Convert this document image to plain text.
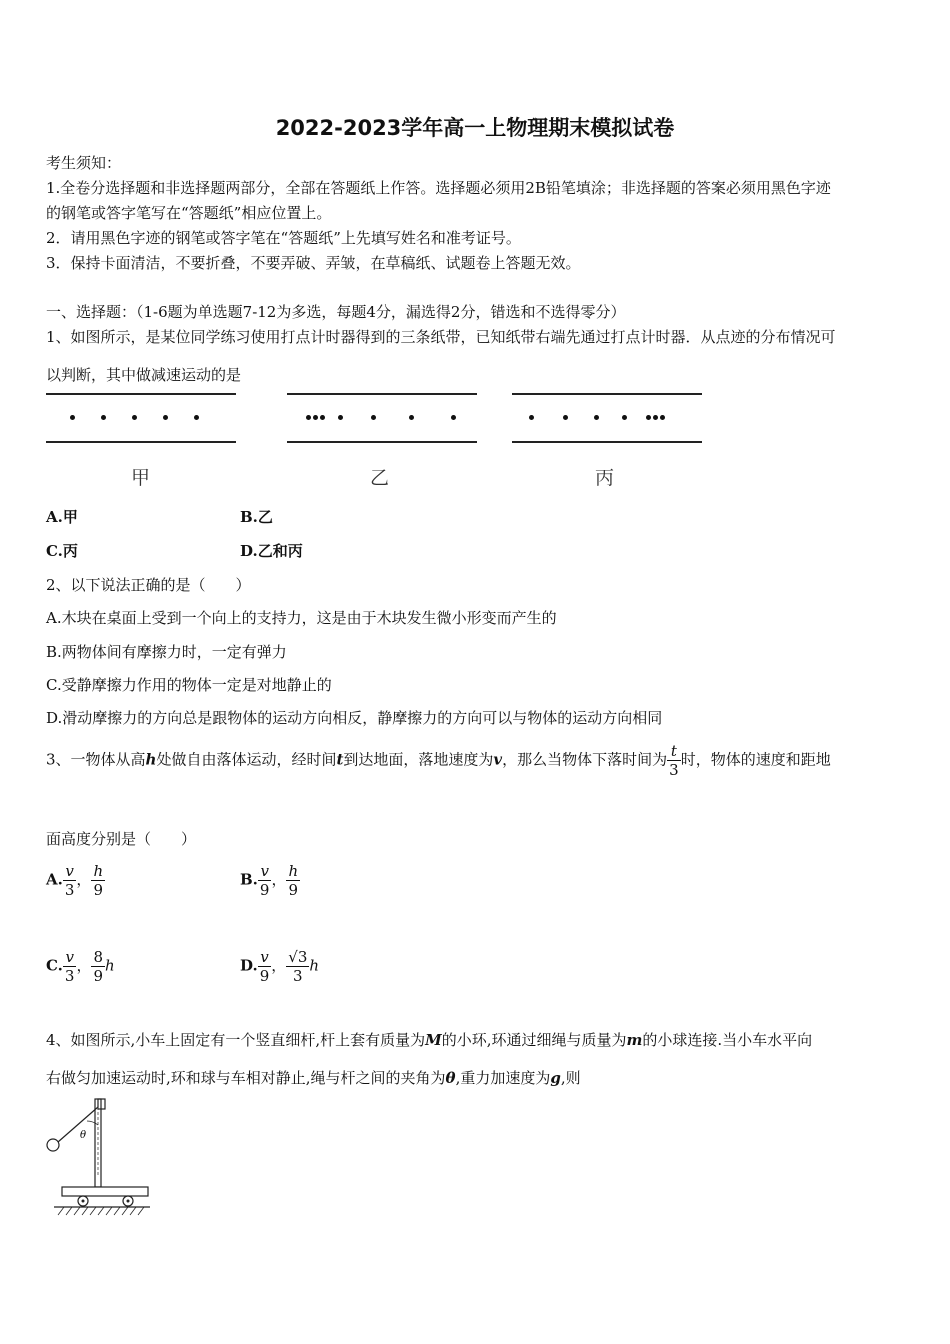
2022-2023学年高一上物理期末模拟试卷
考生须知：
1.全卷分选择题和非选择题两部分，全部在答题纸上作答。选择题必须用2B铅笔填涂；非选择题的答案必须用黑色字迹
的钢笔或答字笔写在“答题纸”相应位置上。
2．请用黑色字迹的钢笔或答字笔在“答题纸”上先填写姓名和准考证号。
3．保持卡面清洁，不要折叠，不要弄破、弄皱，在草稿纸、试题卷上答题无效。
一、选择题：（1-6题为单选题7-12为多选，每题4分，漏选得2分，错选和不选得零分）
1、如图所示，是某位同学练习使用打点计时器得到的三条纸带，已知纸带右端先通过打点计时器．从点迹的分布情况可
以判断，其中做减速运动的是
甲	乙	丙
A.甲	B.乙
C.丙	D.乙和丙
2、以下说法正确的是（　　）
A.木块在桌面上受到一个向上的支持力，这是由于木块发生微小形变而产生的
B.两物体间有摩擦力时，一定有弹力
C.受静摩擦力作用的物体一定是对地静止的
D.滑动摩擦力的方向总是跟物体的运动方向相反，静摩擦力的方向可以与物体的运动方向相同
3、一物体从高h处做自由落体运动，经时间t到达地面，落地速度为v，那么当物体下落时间为 $\frac{t}{3}$ 时，物体的速度和距地
面高度分别是（　　）
A. $\frac{v}{3}$ ， $\frac{h}{9}$	B. $\frac{v}{9}$ ， $\frac{h}{9}$
C. $\frac{v}{3}$ ， $\frac{8}{9}$ h	D. $\frac{v}{9}$ ， $\frac{√3}{3}$ h
4、如图所示,小车上固定有一个竖直细杆,杆上套有质量为M的小环,环通过细绳与质量为m的小球连接.当小车水平向
右做匀加速运动时,环和球与车相对静止,绳与杆之间的夹角为θ,重力加速度为g,则
θ
